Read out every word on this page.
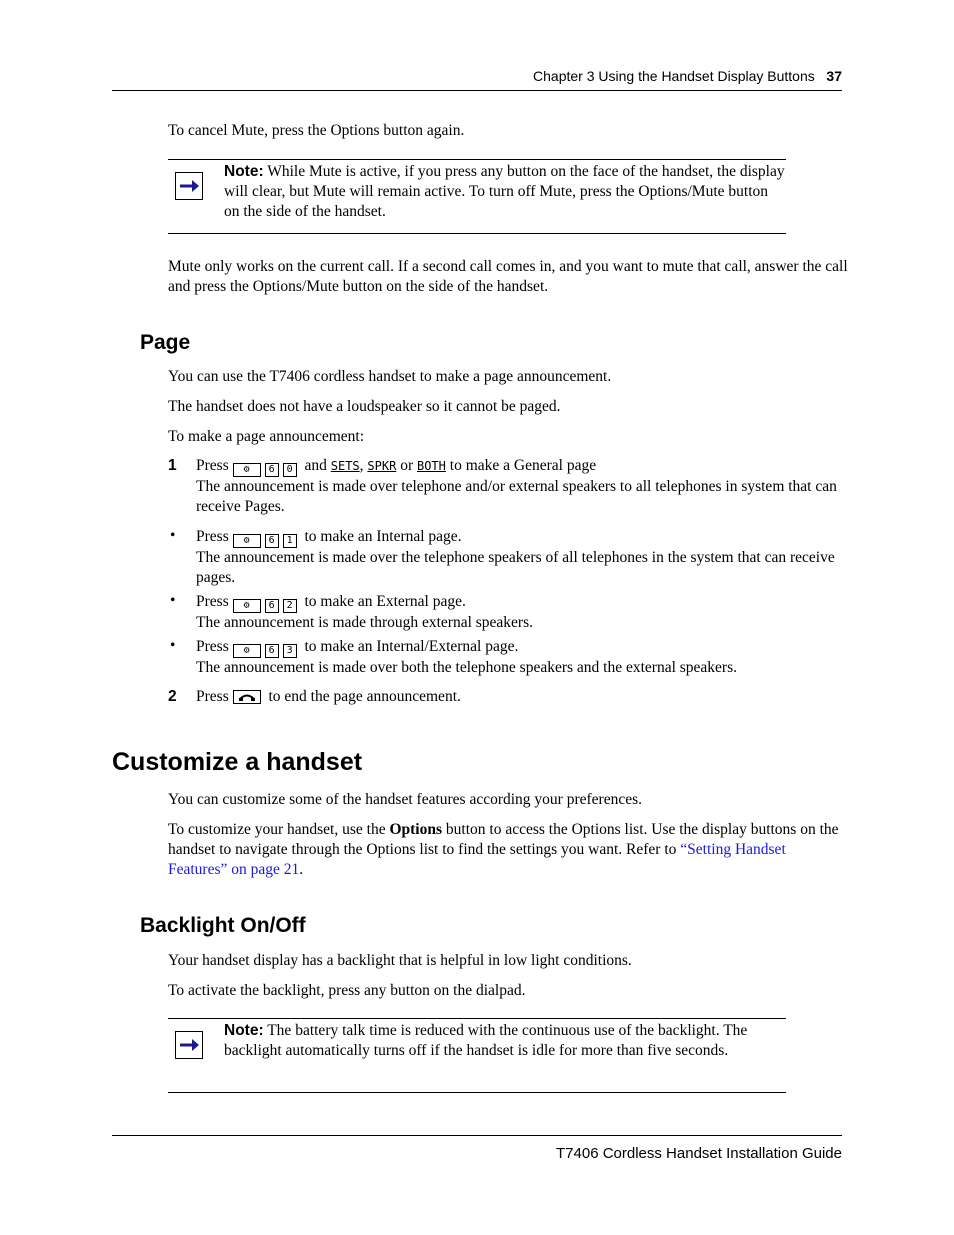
Chapter 3 Using the Handset Display Buttons 37
To cancel Mute, press the Options button again.
Note: While Mute is active, if you press any button on the face of the handset, the display will clear, but Mute will remain active. To turn off Mute, press the Options/Mute button on the side of the handset.
Mute only works on the current call. If a second call comes in, and you want to mute that call, answer the call and press the Options/Mute button on the side of the handset.
Page
You can use the T7406 cordless handset to make a page announcement.
The handset does not have a loudspeaker so it cannot be paged.
To make a page announcement:
1 Press ⚙ 6 0 and SETS, SPKR or BOTH to make a General page
The announcement is made over telephone and/or external speakers to all telephones in system that can receive Pages.
• Press ⚙ 6 1 to make an Internal page.
The announcement is made over the telephone speakers of all telephones in the system that can receive pages.
• Press ⚙ 6 2 to make an External page.
The announcement is made through external speakers.
• Press ⚙ 6 3 to make an Internal/External page.
The announcement is made over both the telephone speakers and the external speakers.
2 Press	to end the page announcement.
Customize a handset
You can customize some of the handset features according your preferences.
To customize your handset, use the Options button to access the Options list. Use the display buttons on the handset to navigate through the Options list to find the settings you want. Refer to “Setting Handset Features” on page 21.
Backlight On/Off
Your handset display has a backlight that is helpful in low light conditions.
To activate the backlight, press any button on the dialpad.
Note: The battery talk time is reduced with the continuous use of the backlight. The backlight automatically turns off if the handset is idle for more than five seconds.
T7406 Cordless Handset Installation Guide
